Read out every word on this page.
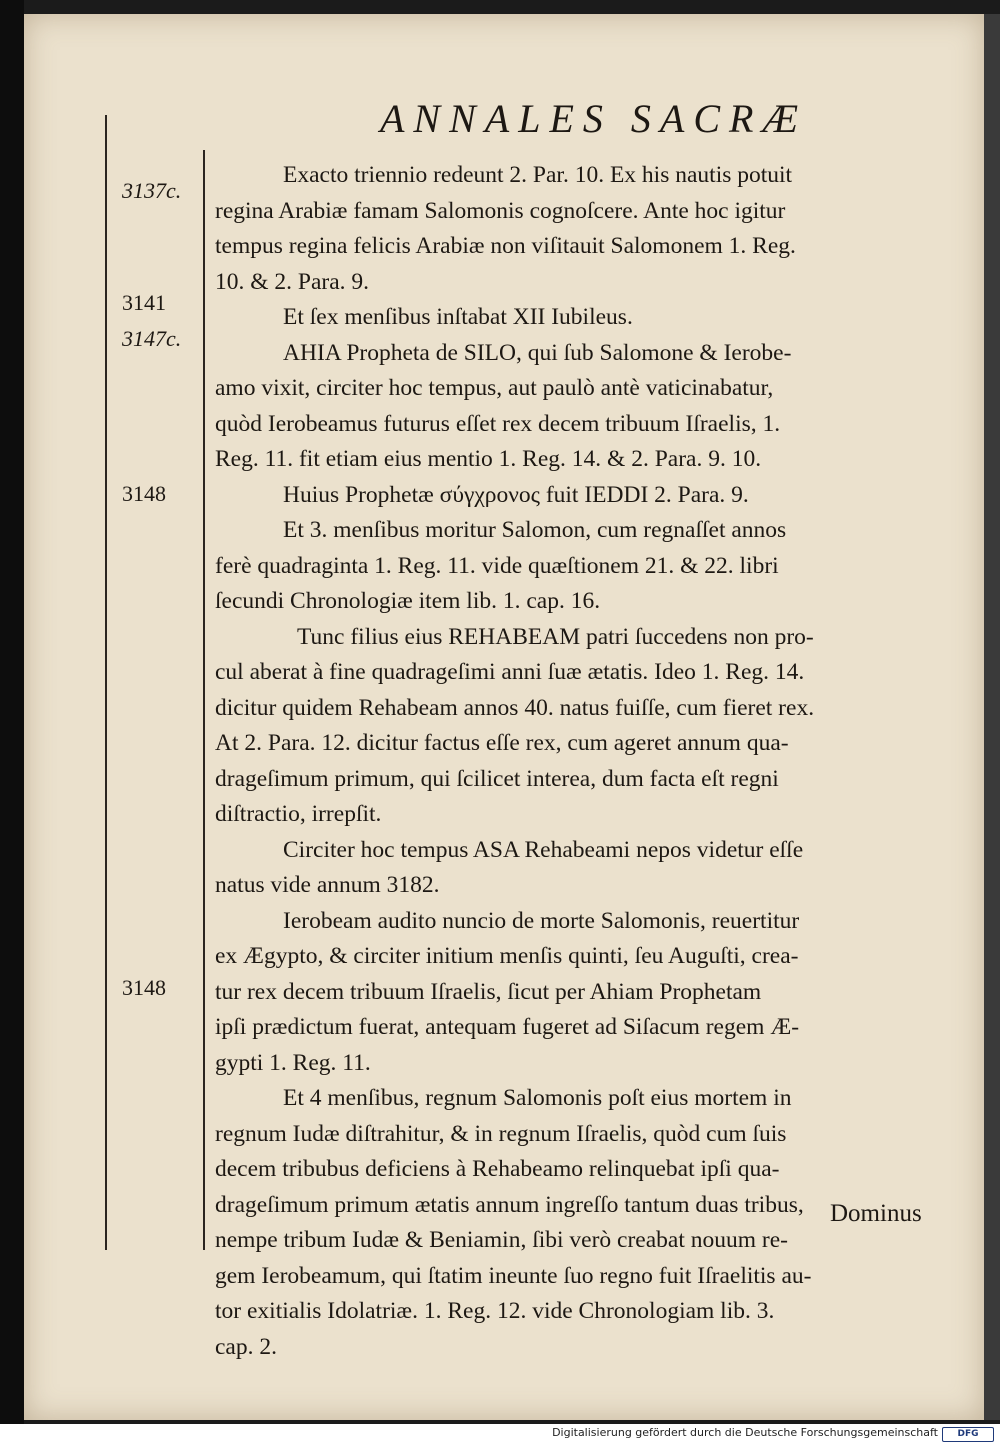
ANNALES SACRÆ
3137c.
3141
3147c.
3148
3148

Exacto triennio redeunt 2. Par. 10. Ex his nautis potuit

regina Arabiæ famam Salomonis cognoſcere. Ante hoc igitur

tempus regina felicis Arabiæ non viſitauit Salomonem 1. Reg.

10. & 2. Para. 9.

Et ſex menſibus inſtabat XII Iubileus.

AHIA Propheta de SILO, qui ſub Salomone & Ierobe-

amo vixit, circiter hoc tempus, aut paulò antè vaticinabatur,

quòd Ierobeamus futurus eſſet rex decem tribuum Iſraelis, 1.

Reg. 11. fit etiam eius mentio 1. Reg. 14. & 2. Para. 9. 10.

Huius Prophetæ σύγχρονος fuit IEDDI 2. Para. 9.

Et 3. menſibus moritur Salomon, cum regnaſſet annos

ferè quadraginta 1. Reg. 11. vide quæſtionem 21. & 22. libri

ſecundi Chronologiæ item lib. 1. cap. 16.

Tunc filius eius REHABEAM patri ſuccedens non pro-

cul aberat à fine quadrageſimi anni ſuæ ætatis. Ideo 1. Reg. 14.

dicitur quidem Rehabeam annos 40. natus fuiſſe, cum fieret rex.

At 2. Para. 12. dicitur factus eſſe rex, cum ageret annum qua-

drageſimum primum, qui ſcilicet interea, dum facta eſt regni

diſtractio, irrepſit.

Circiter hoc tempus ASA Rehabeami nepos videtur eſſe

natus vide annum 3182.

Ierobeam audito nuncio de morte Salomonis, reuertitur

ex Ægypto, & circiter initium menſis quinti, ſeu Auguſti, crea-

tur rex decem tribuum Iſraelis, ſicut per Ahiam Prophetam

ipſi prædictum fuerat, antequam fugeret ad Siſacum regem Æ-

gypti 1. Reg. 11.

Et 4 menſibus, regnum Salomonis poſt eius mortem in

regnum Iudæ diſtrahitur, & in regnum Iſraelis, quòd cum ſuis

decem tribubus deficiens à Rehabeamo relinquebat ipſi qua-

drageſimum primum ætatis annum ingreſſo tantum duas tribus,

nempe tribum Iudæ & Beniamin, ſibi verò creabat nouum re-

gem Ierobeamum, qui ſtatim ineunte ſuo regno fuit Iſraelitis au-

tor exitialis Idolatriæ. 1. Reg. 12. vide Chronologiam lib. 3.

cap. 2.

Dominus
Digitalisierung gefördert durch die Deutsche Forschungsgemeinschaft	DFG
